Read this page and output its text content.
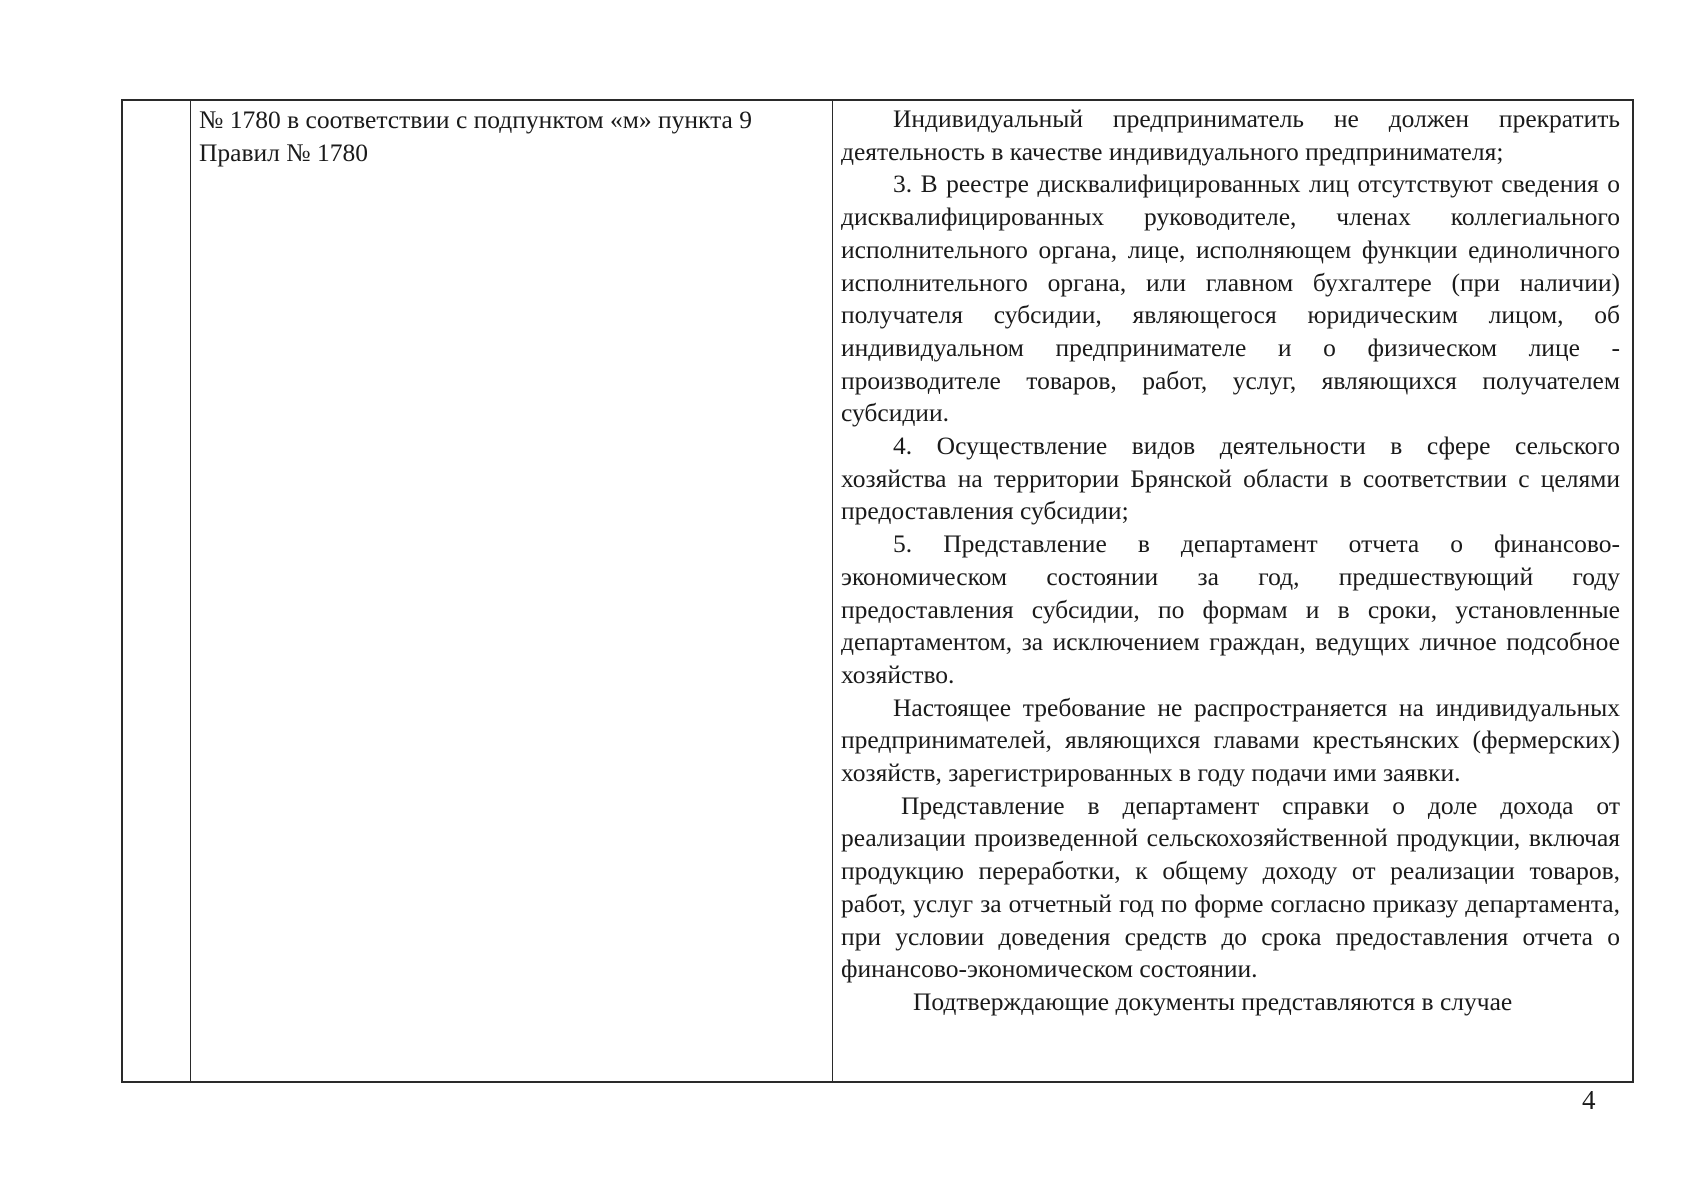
№ 1780 в соответствии с подпунктом «м» пункта 9 Правил № 1780

Индивидуальный предприниматель не должен прекратить деятельность в качестве индивидуального предпринимателя;

3. В реестре дисквалифицированных лиц отсутствуют сведения о дисквалифицированных руководителе, членах коллегиального исполнительного органа, лице, исполняющем функции единоличного исполнительного органа, или главном бухгалтере (при наличии) получателя субсидии, являющегося юридическим лицом, об индивидуальном предпринимателе и о физическом лице - производителе товаров, работ, услуг, являющихся получателем субсидии.

4. Осуществление видов деятельности в сфере сельского хозяйства на территории Брянской области в соответствии с целями предоставления субсидии;

5. Представление в департамент отчета о финансово-экономическом состоянии за год, предшествующий году предоставления субсидии, по формам и в сроки, установленные департаментом, за исключением граждан, ведущих личное подсобное хозяйство.

Настоящее требование не распространяется на индивидуальных предпринимателей, являющихся главами крестьянских (фермерских) хозяйств, зарегистрированных в году подачи ими заявки.

Представление в департамент справки о доле дохода от реализации произведенной сельскохозяйственной продукции, включая продукцию переработки, к общему доходу от реализации товаров, работ, услуг за отчетный год по форме согласно приказу департамента, при условии доведения средств до срока предоставления отчета о финансово-экономическом состоянии.

Подтверждающие документы представляются в случае

4
